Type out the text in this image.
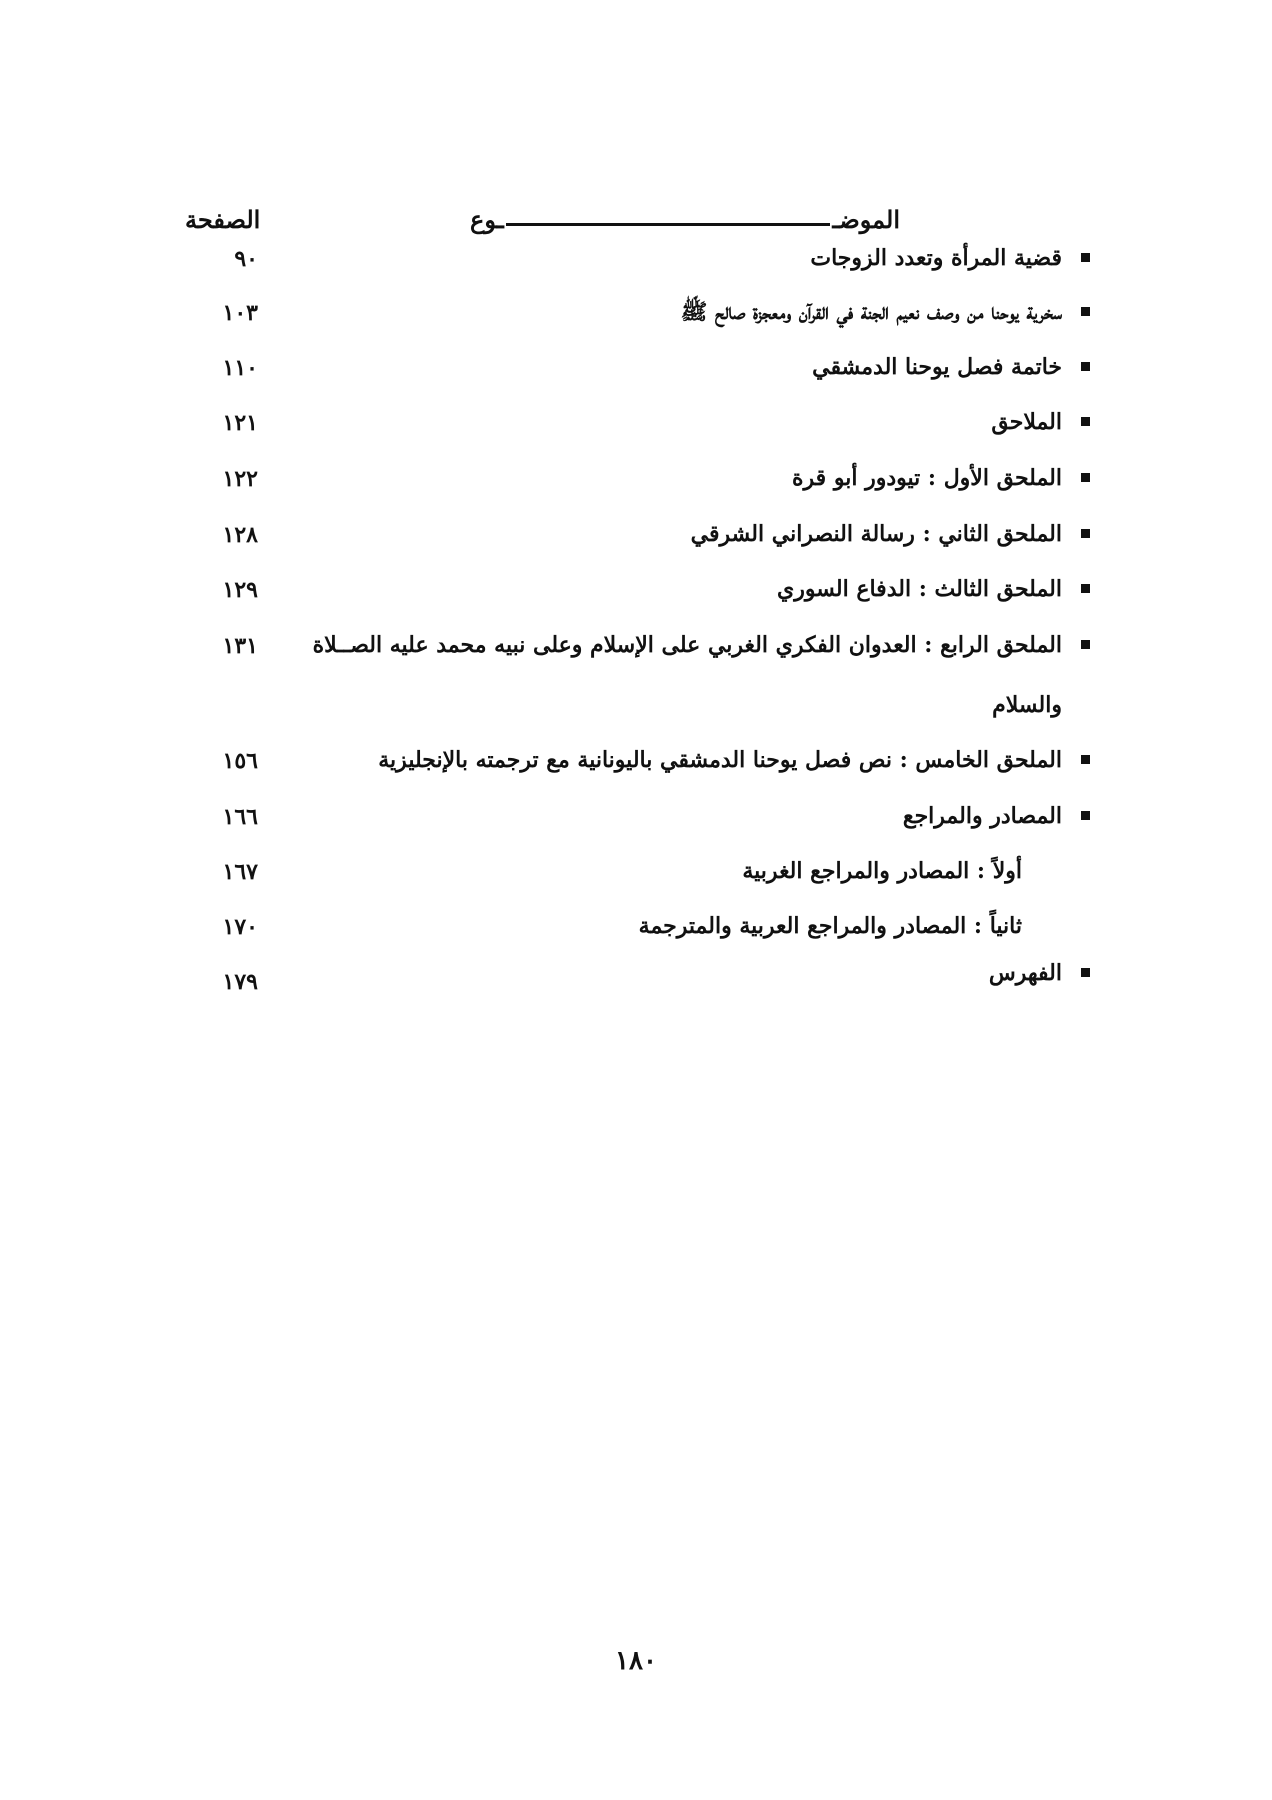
الصفحة	الموضـ
ـوع
قضية المرأة وتعدد الزوجات
٩٠
سخرية يوحنا من وصف نعيم الجنة في القرآن ومعجزة صالح ﷺ
١٠٣
خاتمة فصل يوحنا الدمشقي
١١٠
الملاحق
١٢١
الملحق الأول : تيودور أبو قرة
١٢٢
الملحق الثاني : رسالة النصراني الشرقي
١٢٨
الملحق الثالث : الدفاع السوري
١٢٩
الملحق الرابع : العدوان الفكري الغربي على الإسلام وعلى نبيه محمد عليه الصــلاة والسلام
١٣١
الملحق الخامس : نص فصل يوحنا الدمشقي باليونانية مع ترجمته بالإنجليزية
١٥٦
المصادر والمراجع
١٦٦
أولاً : المصادر والمراجع الغربية
١٦٧
ثانياً : المصادر والمراجع العربية والمترجمة
١٧٠
الفهرس
١٧٩
١٨٠
